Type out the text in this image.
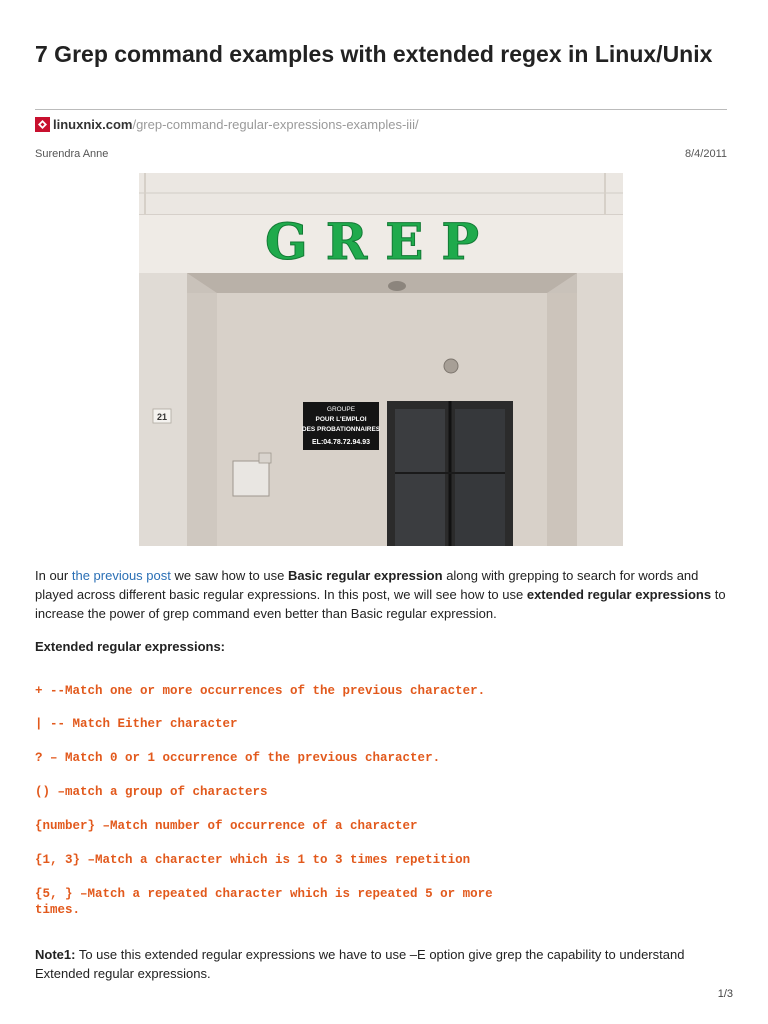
7 Grep command examples with extended regex in Linux/Unix
linuxnix.com/grep-command-regular-expressions-examples-iii/
Surendra Anne	8/4/2011
GREP
GROUPE
POUR L'EMPLOI
DES PROBATIONNAIRES
EL:04.78.72.94.93
21

In our the previous post we saw how to use Basic regular expression along with grepping to search for words and played across different basic regular expressions. In this post, we will see how to use extended regular expressions to increase the power of grep command even better than Basic regular expression.

Extended regular expressions:

+ --Match one or more occurrences of the previous character.

| -- Match Either character

? – Match 0 or 1 occurrence of the previous character.

() –match a group of characters

{number} –Match number of occurrence of a character

{1, 3} –Match a character which is 1 to 3 times repetition

{5, } –Match a repeated character which is repeated 5 or more times.

Note1: To use this extended regular expressions we have to use –E option give grep the capability to understand Extended regular expressions.

1/3
